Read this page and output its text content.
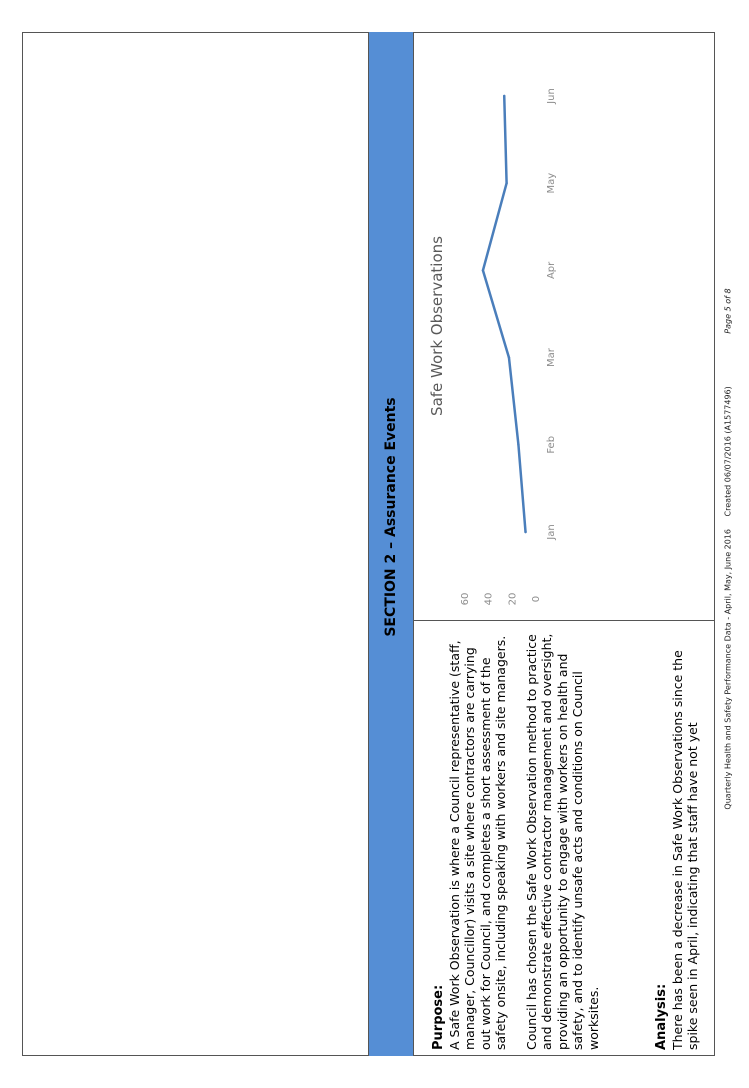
SECTION 2 – Assurance Events
Safe Work Observations
0
20
40
60
Jan
Feb
Mar
Apr
May
Jun
Purpose: A Safe Work Observation is where a Council representative (staff, manager, Councillor) visits a site where contractors are carrying out work for Council, and completes a short assessment of the safety onsite, including speaking with workers and site managers. Council has chosen the Safe Work Observation method to practice and demonstrate effective contractor management and oversight, providing an opportunity to engage with workers on health and safety, and to identify unsafe acts and conditions on Council worksites.	Analysis: There has been a decrease in Safe Work Observations since the spike seen in April, indicating that staff have not yet

Quarterly Health and Safety Performance Data - April, May, June 2016 Created 06/07/2016 (A1577496) Page 5 of 8
